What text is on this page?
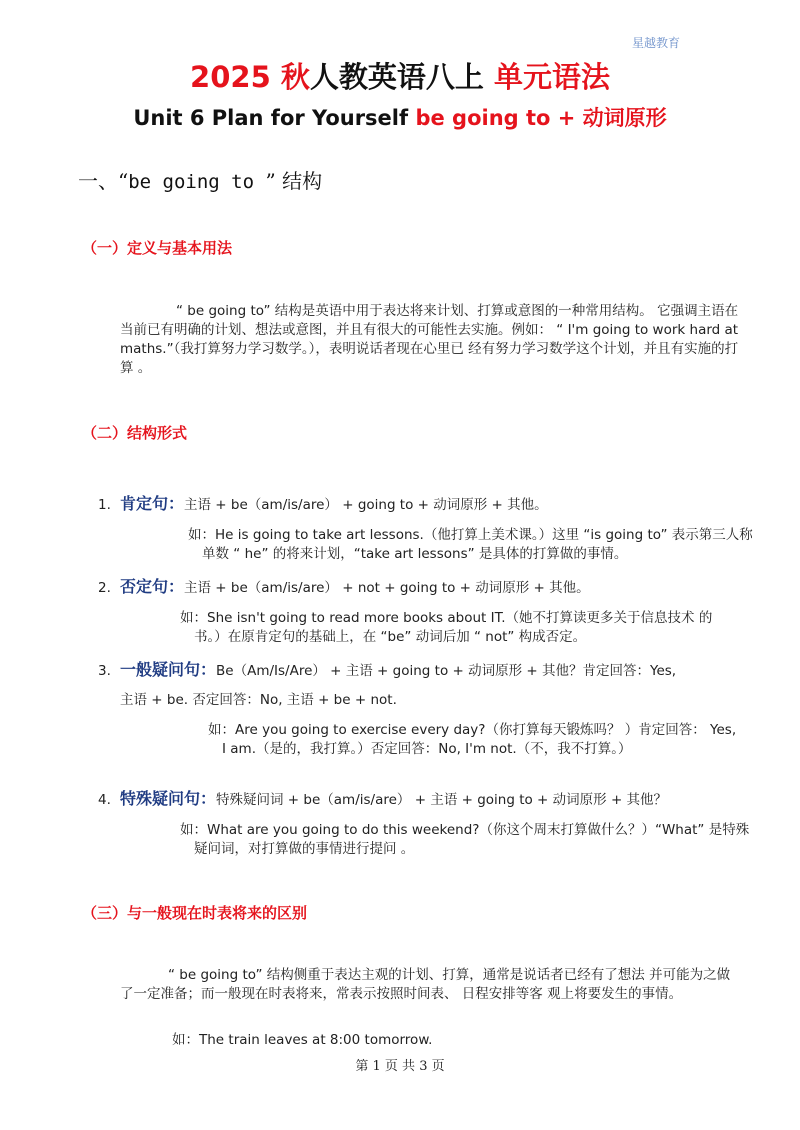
星越教育
2025 秋人教英语八上 单元语法
Unit 6 Plan for Yourself be going to + 动词原形
一、“be going to ” 结构
（一）定义与基本用法
“ be going to” 结构是英语中用于表达将来计划、打算或意图的一种常用结构。 它强调主语在当前已有明确的计划、想法或意图，并且有很大的可能性去实施。例如： “ I'm going to work hard at maths.”（我打算努力学习数学。），表明说话者现在心里已 经有努力学习数学这个计划，并且有实施的打算 。
（二）结构形式
1. 肯定句：主语 + be（am/is/are） + going to + 动词原形 + 其他。
如：He is going to take art lessons.（他打算上美术课。）这里 “is going to” 表示第三人称单数 “ he” 的将来计划，“take art lessons” 是具体的打算做的事情。
2. 否定句：主语 + be（am/is/are） + not + going to + 动词原形 + 其他。
如：She isn't going to read more books about IT.（她不打算读更多关于信息技术 的书。）在原肯定句的基础上，在 “be” 动词后加 “ not” 构成否定。
3. 一般疑问句：Be（Am/Is/Are） + 主语 + going to + 动词原形 + 其他？肯定回答：Yes,
主语 + be. 否定回答：No, 主语 + be + not.
如：Are you going to exercise every day?（你打算每天锻炼吗？ ）肯定回答： Yes, I am.（是的，我打算。）否定回答：No, I'm not.（不，我不打算。）
4. 特殊疑问句：特殊疑问词 + be（am/is/are） + 主语 + going to + 动词原形 + 其他？
如：What are you going to do this weekend?（你这个周末打算做什么？）“What” 是特殊疑问词，对打算做的事情进行提问 。
（三）与一般现在时表将来的区别
“ be going to” 结构侧重于表达主观的计划、打算，通常是说话者已经有了想法 并可能为之做了一定准备；而一般现在时表将来，常表示按照时间表、 日程安排等客 观上将要发生的事情。
如：The train leaves at 8:00 tomorrow.
第 1 页 共 3 页
